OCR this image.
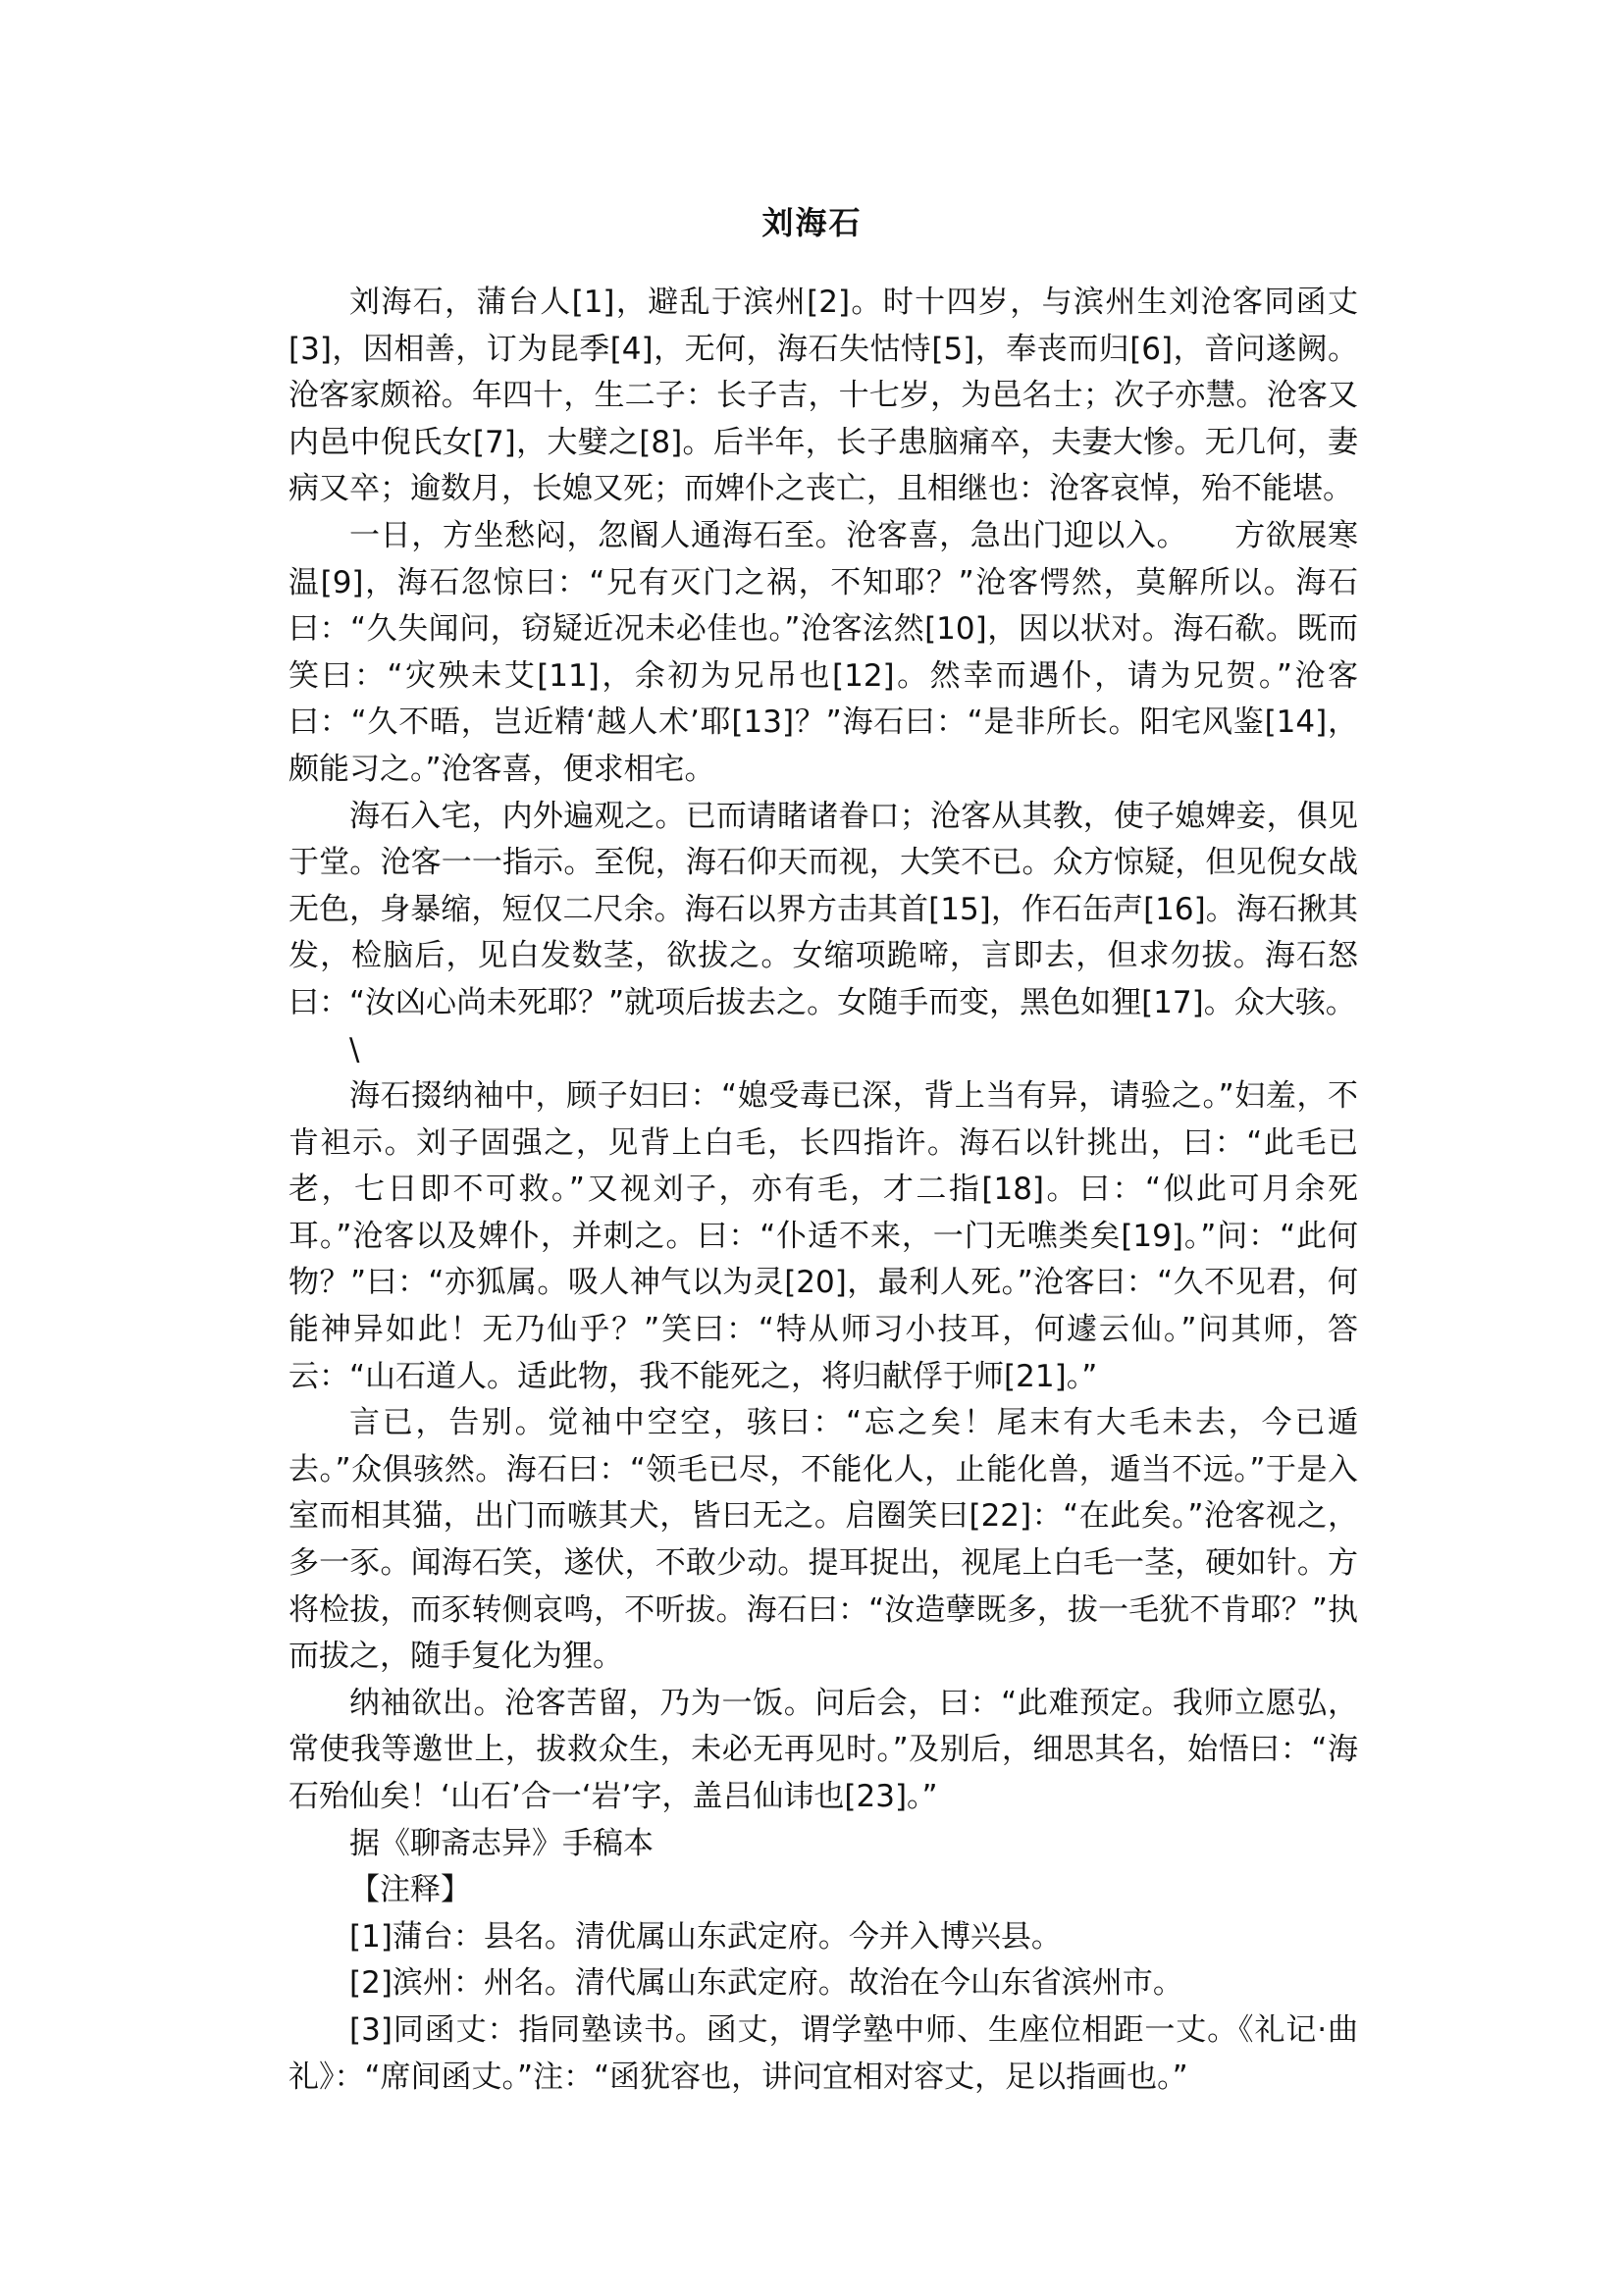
刘海石

刘海石，蒲台人[1]，避乱于滨州[2]。时十四岁，与滨州生刘沧客同函丈[3]，因相善，订为昆季[4]，无何，海石失怙恃[5]，奉丧而归[6]，音问遂阙。沧客家颇裕。年四十，生二子：长子吉，十七岁，为邑名士；次子亦慧。沧客又内邑中倪氏女[7]，大嬖之[8]。后半年，长子患脑痛卒，夫妻大惨。无几何，妻病又卒；逾数月，长媳又死；而婢仆之丧亡，且相继也：沧客哀悼，殆不能堪。

一日，方坐愁闷，忽阍人通海石至。沧客喜，急出门迎以入。　　方欲展寒温[9]，海石忽惊曰：“兄有灭门之祸，不知耶？”沧客愕然，莫解所以。海石曰：“久失闻问，窃疑近况未必佳也。”沧客泫然[10]，因以状对。海石欷。既而笑曰：“灾殃未艾[11]，余初为兄吊也[12]。然幸而遇仆，请为兄贺。”沧客曰：“久不晤，岂近精‘越人术’耶[13]？”海石曰：“是非所长。阳宅风鉴[14]，颇能习之。”沧客喜，便求相宅。

海石入宅，内外遍观之。已而请睹诸眷口；沧客从其教，使子媳婢妾，俱见于堂。沧客一一指示。至倪，海石仰天而视，大笑不已。众方惊疑，但见倪女战无色，身暴缩，短仅二尺余。海石以界方击其首[15]，作石缶声[16]。海石揪其发，检脑后，见白发数茎，欲拔之。女缩项跪啼，言即去，但求勿拔。海石怒曰：“汝凶心尚未死耶？”就项后拔去之。女随手而变，黑色如狸[17]。众大骇。

\

海石掇纳袖中，顾子妇曰：“媳受毒已深，背上当有异，请验之。”妇羞，不肯袒示。刘子固强之，见背上白毛，长四指许。海石以针挑出，曰：“此毛已老，七日即不可救。”又视刘子，亦有毛，才二指[18]。曰：“似此可月余死耳。”沧客以及婢仆，并刺之。曰：“仆适不来，一门无噍类矣[19]。”问：“此何物？”曰：“亦狐属。吸人神气以为灵[20]，最利人死。”沧客曰：“久不见君，何能神异如此！无乃仙乎？”笑曰：“特从师习小技耳，何遽云仙。”问其师，答云：“山石道人。适此物，我不能死之，将归献俘于师[21]。”

言已，告别。觉袖中空空，骇曰：“忘之矣！尾末有大毛未去，今已遁去。”众俱骇然。海石曰：“领毛已尽，不能化人，止能化兽，遁当不远。”于是入室而相其猫，出门而嗾其犬，皆曰无之。启圈笑曰[22]：“在此矣。”沧客视之，多一豕。闻海石笑，遂伏，不敢少动。提耳捉出，视尾上白毛一茎，硬如针。方将检拔，而豕转侧哀鸣，不听拔。海石曰：“汝造孽既多，拔一毛犹不肯耶？”执而拔之，随手复化为狸。

纳袖欲出。沧客苦留，乃为一饭。问后会，曰：“此难预定。我师立愿弘，常使我等邀世上，拔救众生，未必无再见时。”及别后，细思其名，始悟曰：“海石殆仙矣！‘山石’合一‘岩’字，盖吕仙讳也[23]。”

据《聊斋志异》手稿本

【注释】

[1]蒲台：县名。清优属山东武定府。今并入博兴县。

[2]滨州：州名。清代属山东武定府。故治在今山东省滨州市。

[3]同函丈：指同塾读书。函丈，谓学塾中师、生座位相距一丈。《礼记·曲礼》：“席间函丈。”注：“函犹容也，讲问宜相对容丈，足以指画也。”
